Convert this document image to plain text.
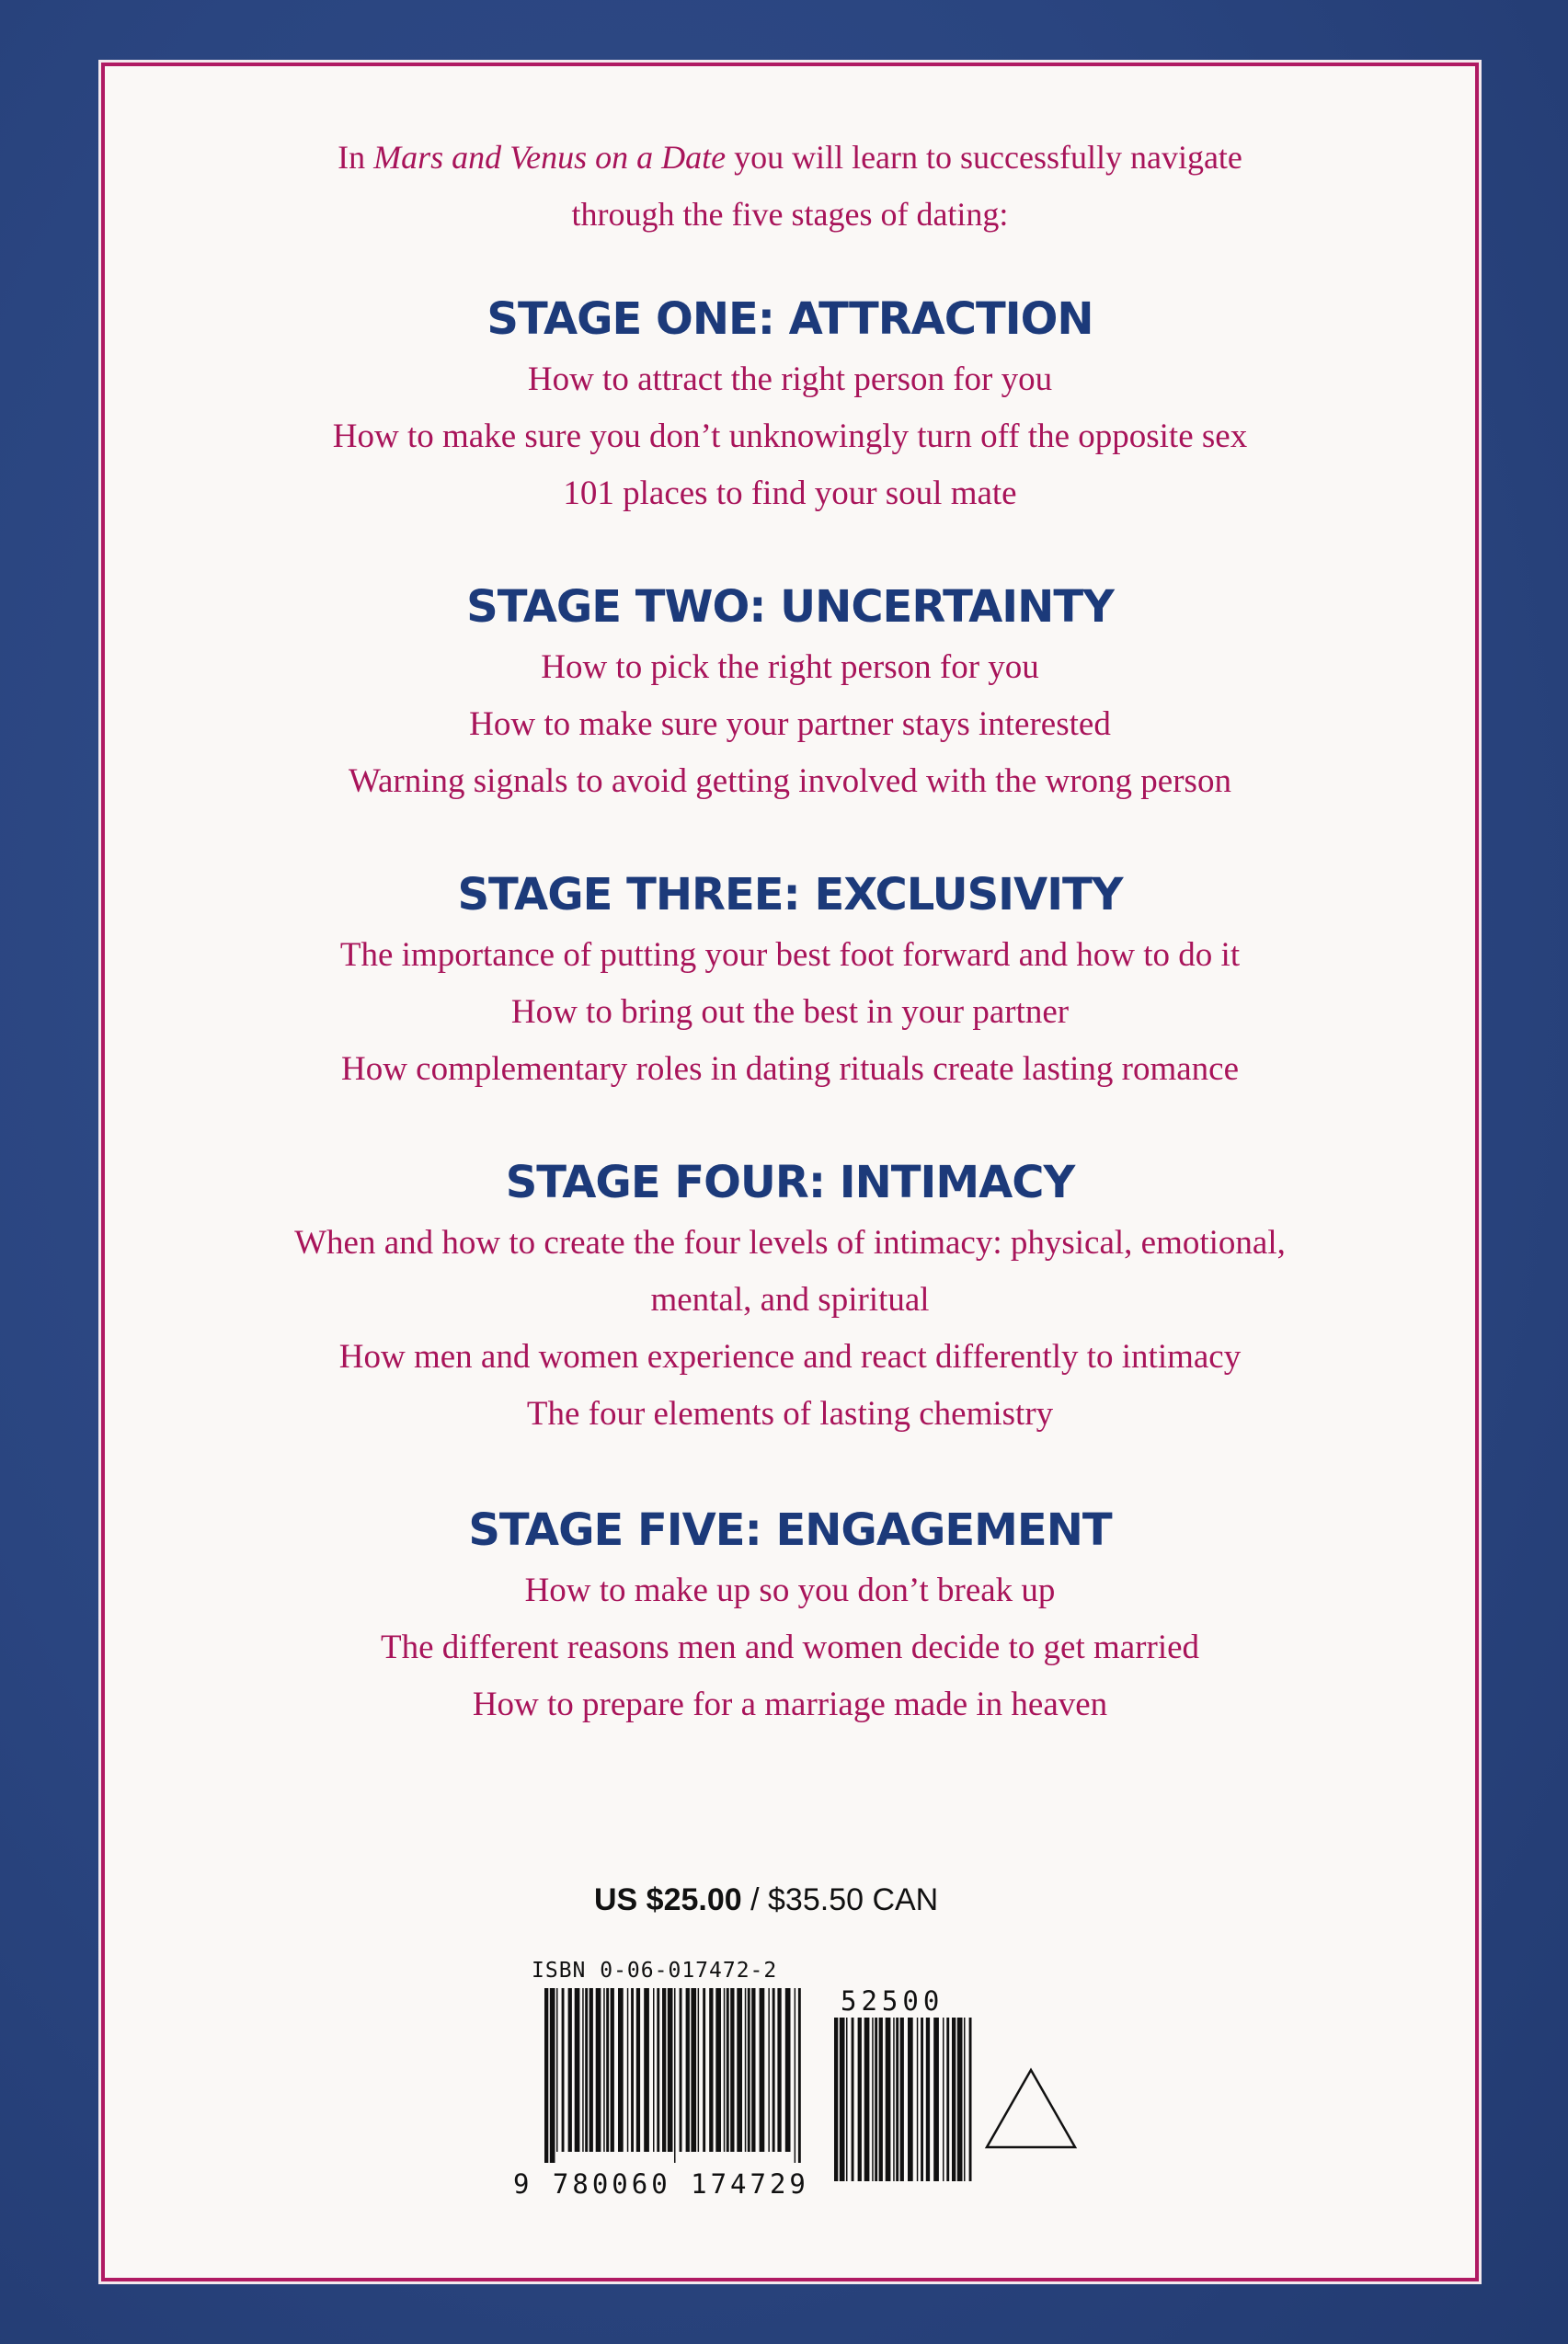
In Mars and Venus on a Date you will learn to successfully navigate
through the five stages of dating:
STAGE ONE: ATTRACTION
How to attract the right person for you
How to make sure you don’t unknowingly turn off the opposite sex
101 places to find your soul mate
STAGE TWO: UNCERTAINTY
How to pick the right person for you
How to make sure your partner stays interested
Warning signals to avoid getting involved with the wrong person
STAGE THREE: EXCLUSIVITY
The importance of putting your best foot forward and how to do it
How to bring out the best in your partner
How complementary roles in dating rituals create lasting romance
STAGE FOUR: INTIMACY
When and how to create the four levels of intimacy: physical, emotional,
mental, and spiritual
How men and women experience and react differently to intimacy
The four elements of lasting chemistry
STAGE FIVE: ENGAGEMENT
How to make up so you don’t break up
The different reasons men and women decide to get married
How to prepare for a marriage made in heaven
US $25.00 / $35.50 CAN
ISBN 0-06-017472-2
9 780060 174729
52500
